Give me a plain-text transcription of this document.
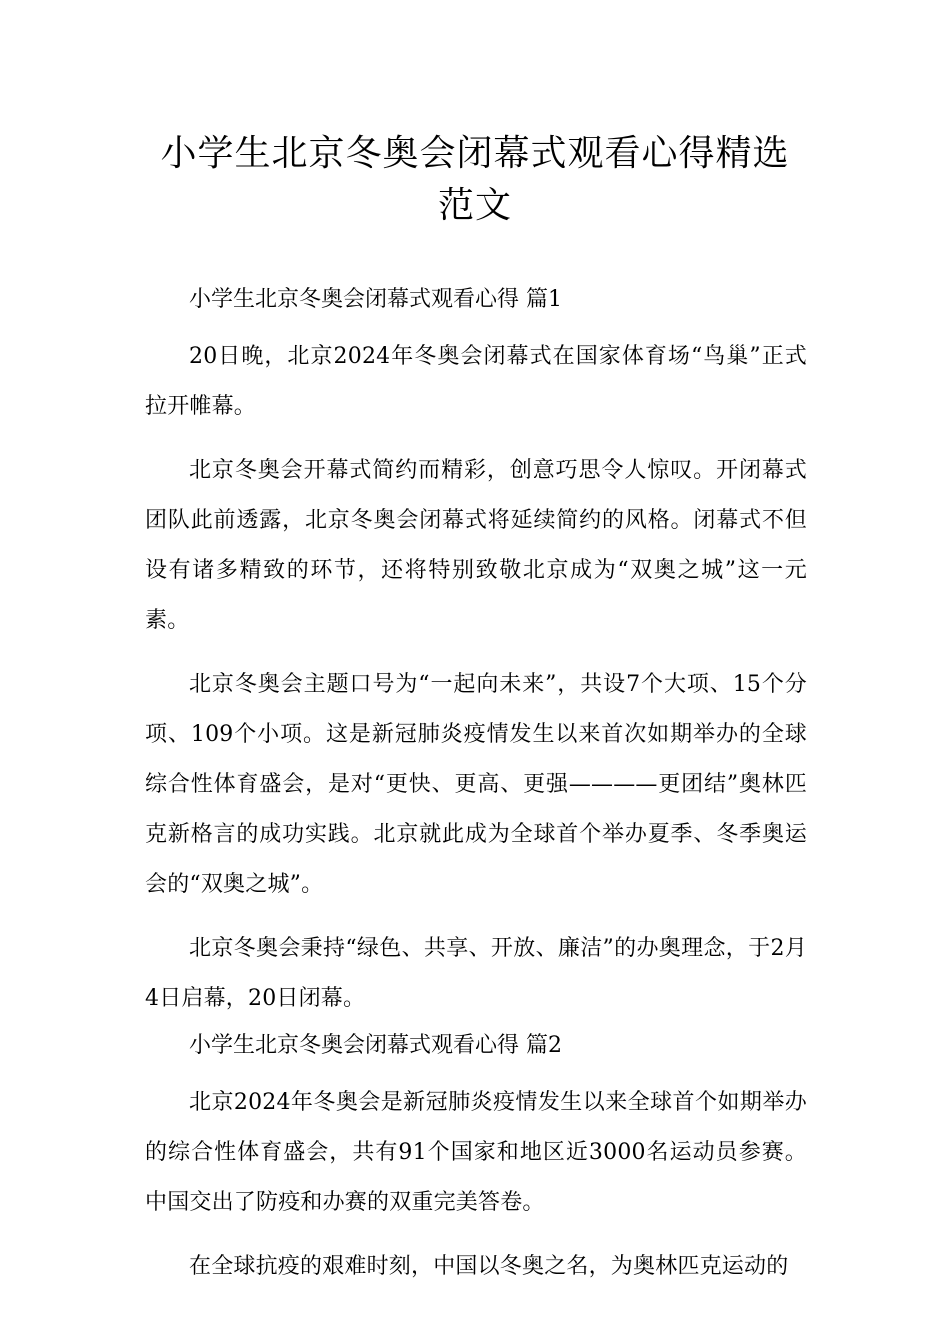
小学生北京冬奥会闭幕式观看心得精选
范文

小学生北京冬奥会闭幕式观看心得 篇1

20日晚，北京2024年冬奥会闭幕式在国家体育场“鸟巢”正式拉开帷幕。

北京冬奥会开幕式简约而精彩，创意巧思令人惊叹。开闭幕式团队此前透露，北京冬奥会闭幕式将延续简约的风格。闭幕式不但设有诸多精致的环节，还将特别致敬北京成为“双奥之城”这一元素。

北京冬奥会主题口号为“一起向未来”，共设7个大项、15个分项、109个小项。这是新冠肺炎疫情发生以来首次如期举办的全球综合性体育盛会，是对“更快、更高、更强————更团结”奥林匹克新格言的成功实践。北京就此成为全球首个举办夏季、冬季奥运会的“双奥之城”。

北京冬奥会秉持“绿色、共享、开放、廉洁”的办奥理念，于2月4日启幕，20日闭幕。

小学生北京冬奥会闭幕式观看心得 篇2

北京2024年冬奥会是新冠肺炎疫情发生以来全球首个如期举办的综合性体育盛会，共有91个国家和地区近3000名运动员参赛。中国交出了防疫和办赛的双重完美答卷。

在全球抗疫的艰难时刻，中国以冬奥之名，为奥林匹克运动的
